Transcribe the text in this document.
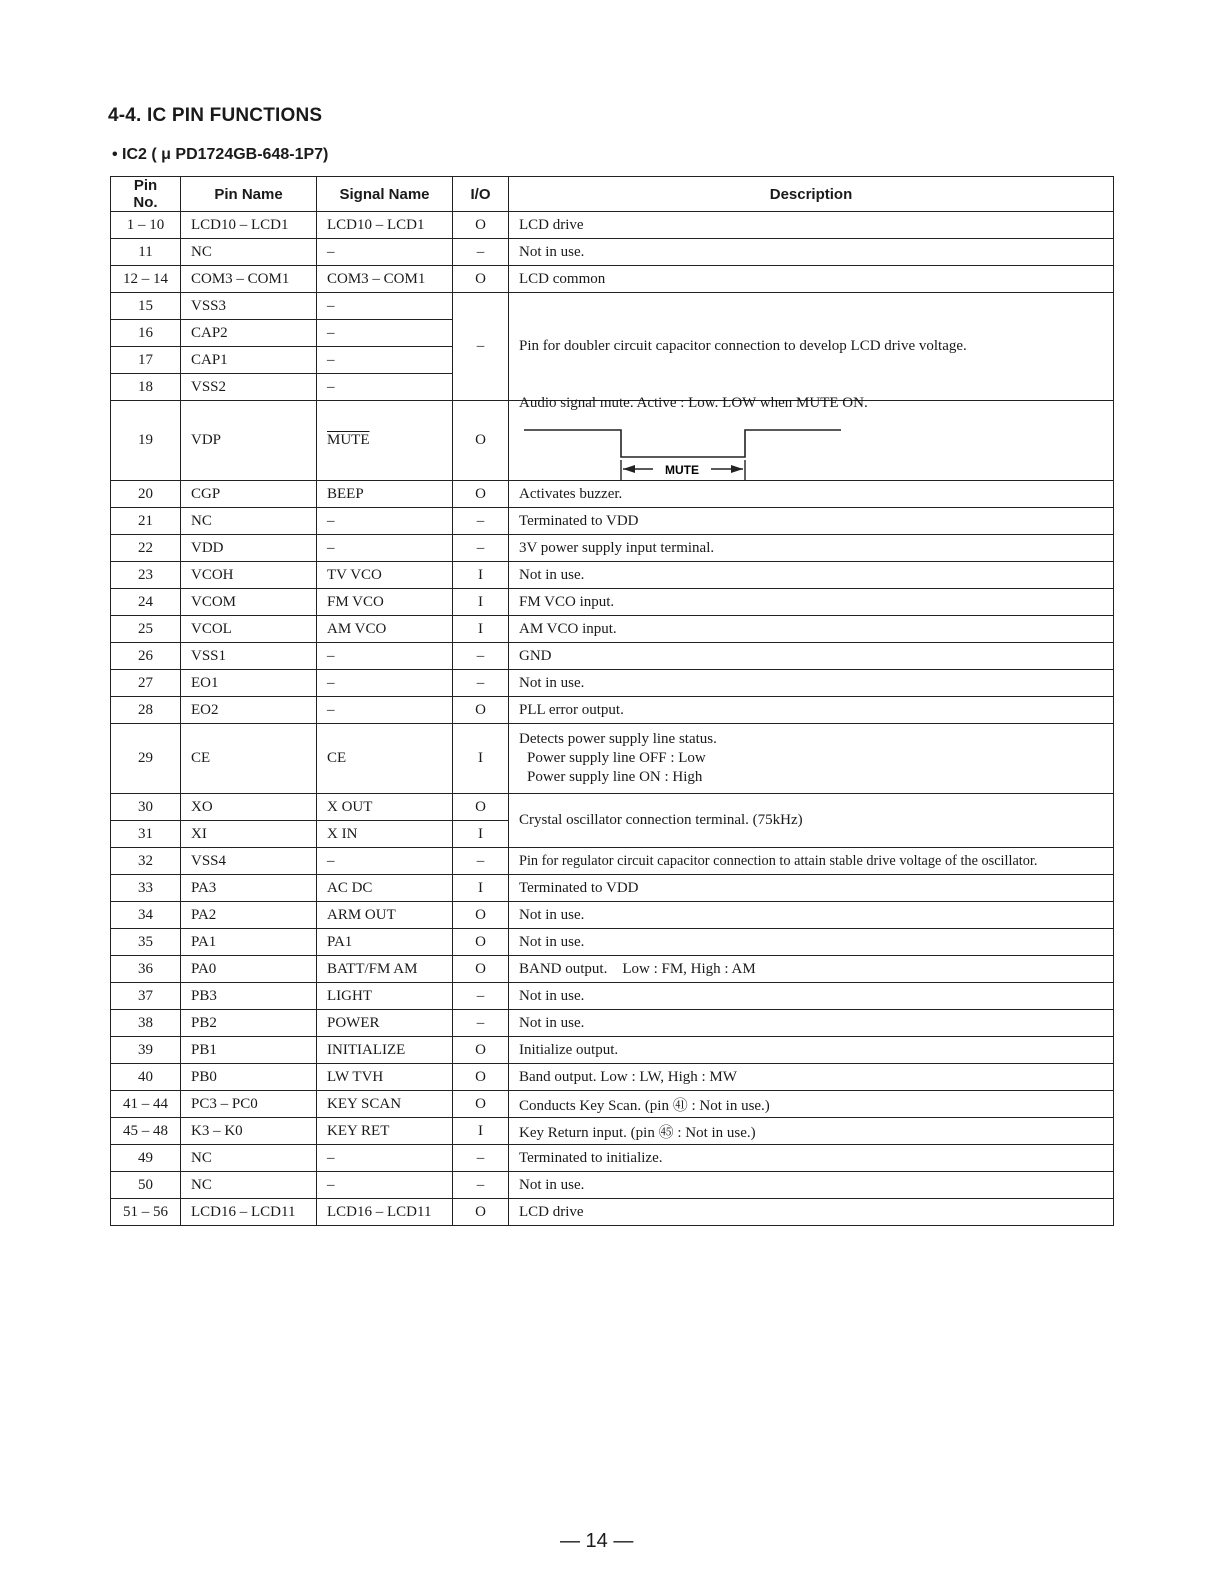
4-4. IC PIN FUNCTIONS
• IC2 ( μ PD1724GB-648-1P7)
Pin No.	Pin Name	Signal Name	I/O	Description
1 – 10	LCD10 – LCD1	LCD10 – LCD1	O	LCD drive
11	NC	–	–	Not in use.
12 – 14	COM3 – COM1	COM3 – COM1	O	LCD common
15	VSS3	–	–	Pin for doubler circuit capacitor connection to develop LCD drive voltage.
16	CAP2	–		
17	CAP1	–		
18	VSS2	–		
19	VDP	MUTE	O	Audio signal mute. Active : Low. LOW when MUTE ON.
MUTE

20	CGP	BEEP	O	Activates buzzer.
21	NC	–	–	Terminated to VDD
22	VDD	–	–	3V power supply input terminal.
23	VCOH	TV VCO	I	Not in use.
24	VCOM	FM VCO	I	FM VCO input.
25	VCOL	AM VCO	I	AM VCO input.
26	VSS1	–	–	GND
27	EO1	–	–	Not in use.
28	EO2	–	O	PLL error output.
29	CE	CE	I	Detects power supply line status.
Power supply line OFF : Low
Power supply line ON : High

30	XO	X OUT	O	Crystal oscillator connection terminal. (75kHz)
31	XI	X IN	I	
32	VSS4	–	–	Pin for regulator circuit capacitor connection to attain stable drive voltage of the oscillator.
33	PA3	AC DC	I	Terminated to VDD
34	PA2	ARM OUT	O	Not in use.
35	PA1	PA1	O	Not in use.
36	PA0	BATT/FM AM	O	BAND output.    Low : FM, High : AM
37	PB3	LIGHT	–	Not in use.
38	PB2	POWER	–	Not in use.
39	PB1	INITIALIZE	O	Initialize output.
40	PB0	LW TVH	O	Band output. Low : LW, High : MW
41 – 44	PC3 – PC0	KEY SCAN	O	Conducts Key Scan. (pin ㊶ : Not in use.)
45 – 48	K3 – K0	KEY RET	I	Key Return input. (pin ㊺ : Not in use.)
49	NC	–	–	Terminated to initialize.
50	NC	–	–	Not in use.
51 – 56	LCD16 – LCD11	LCD16 – LCD11	O	LCD drive
— 14 —
